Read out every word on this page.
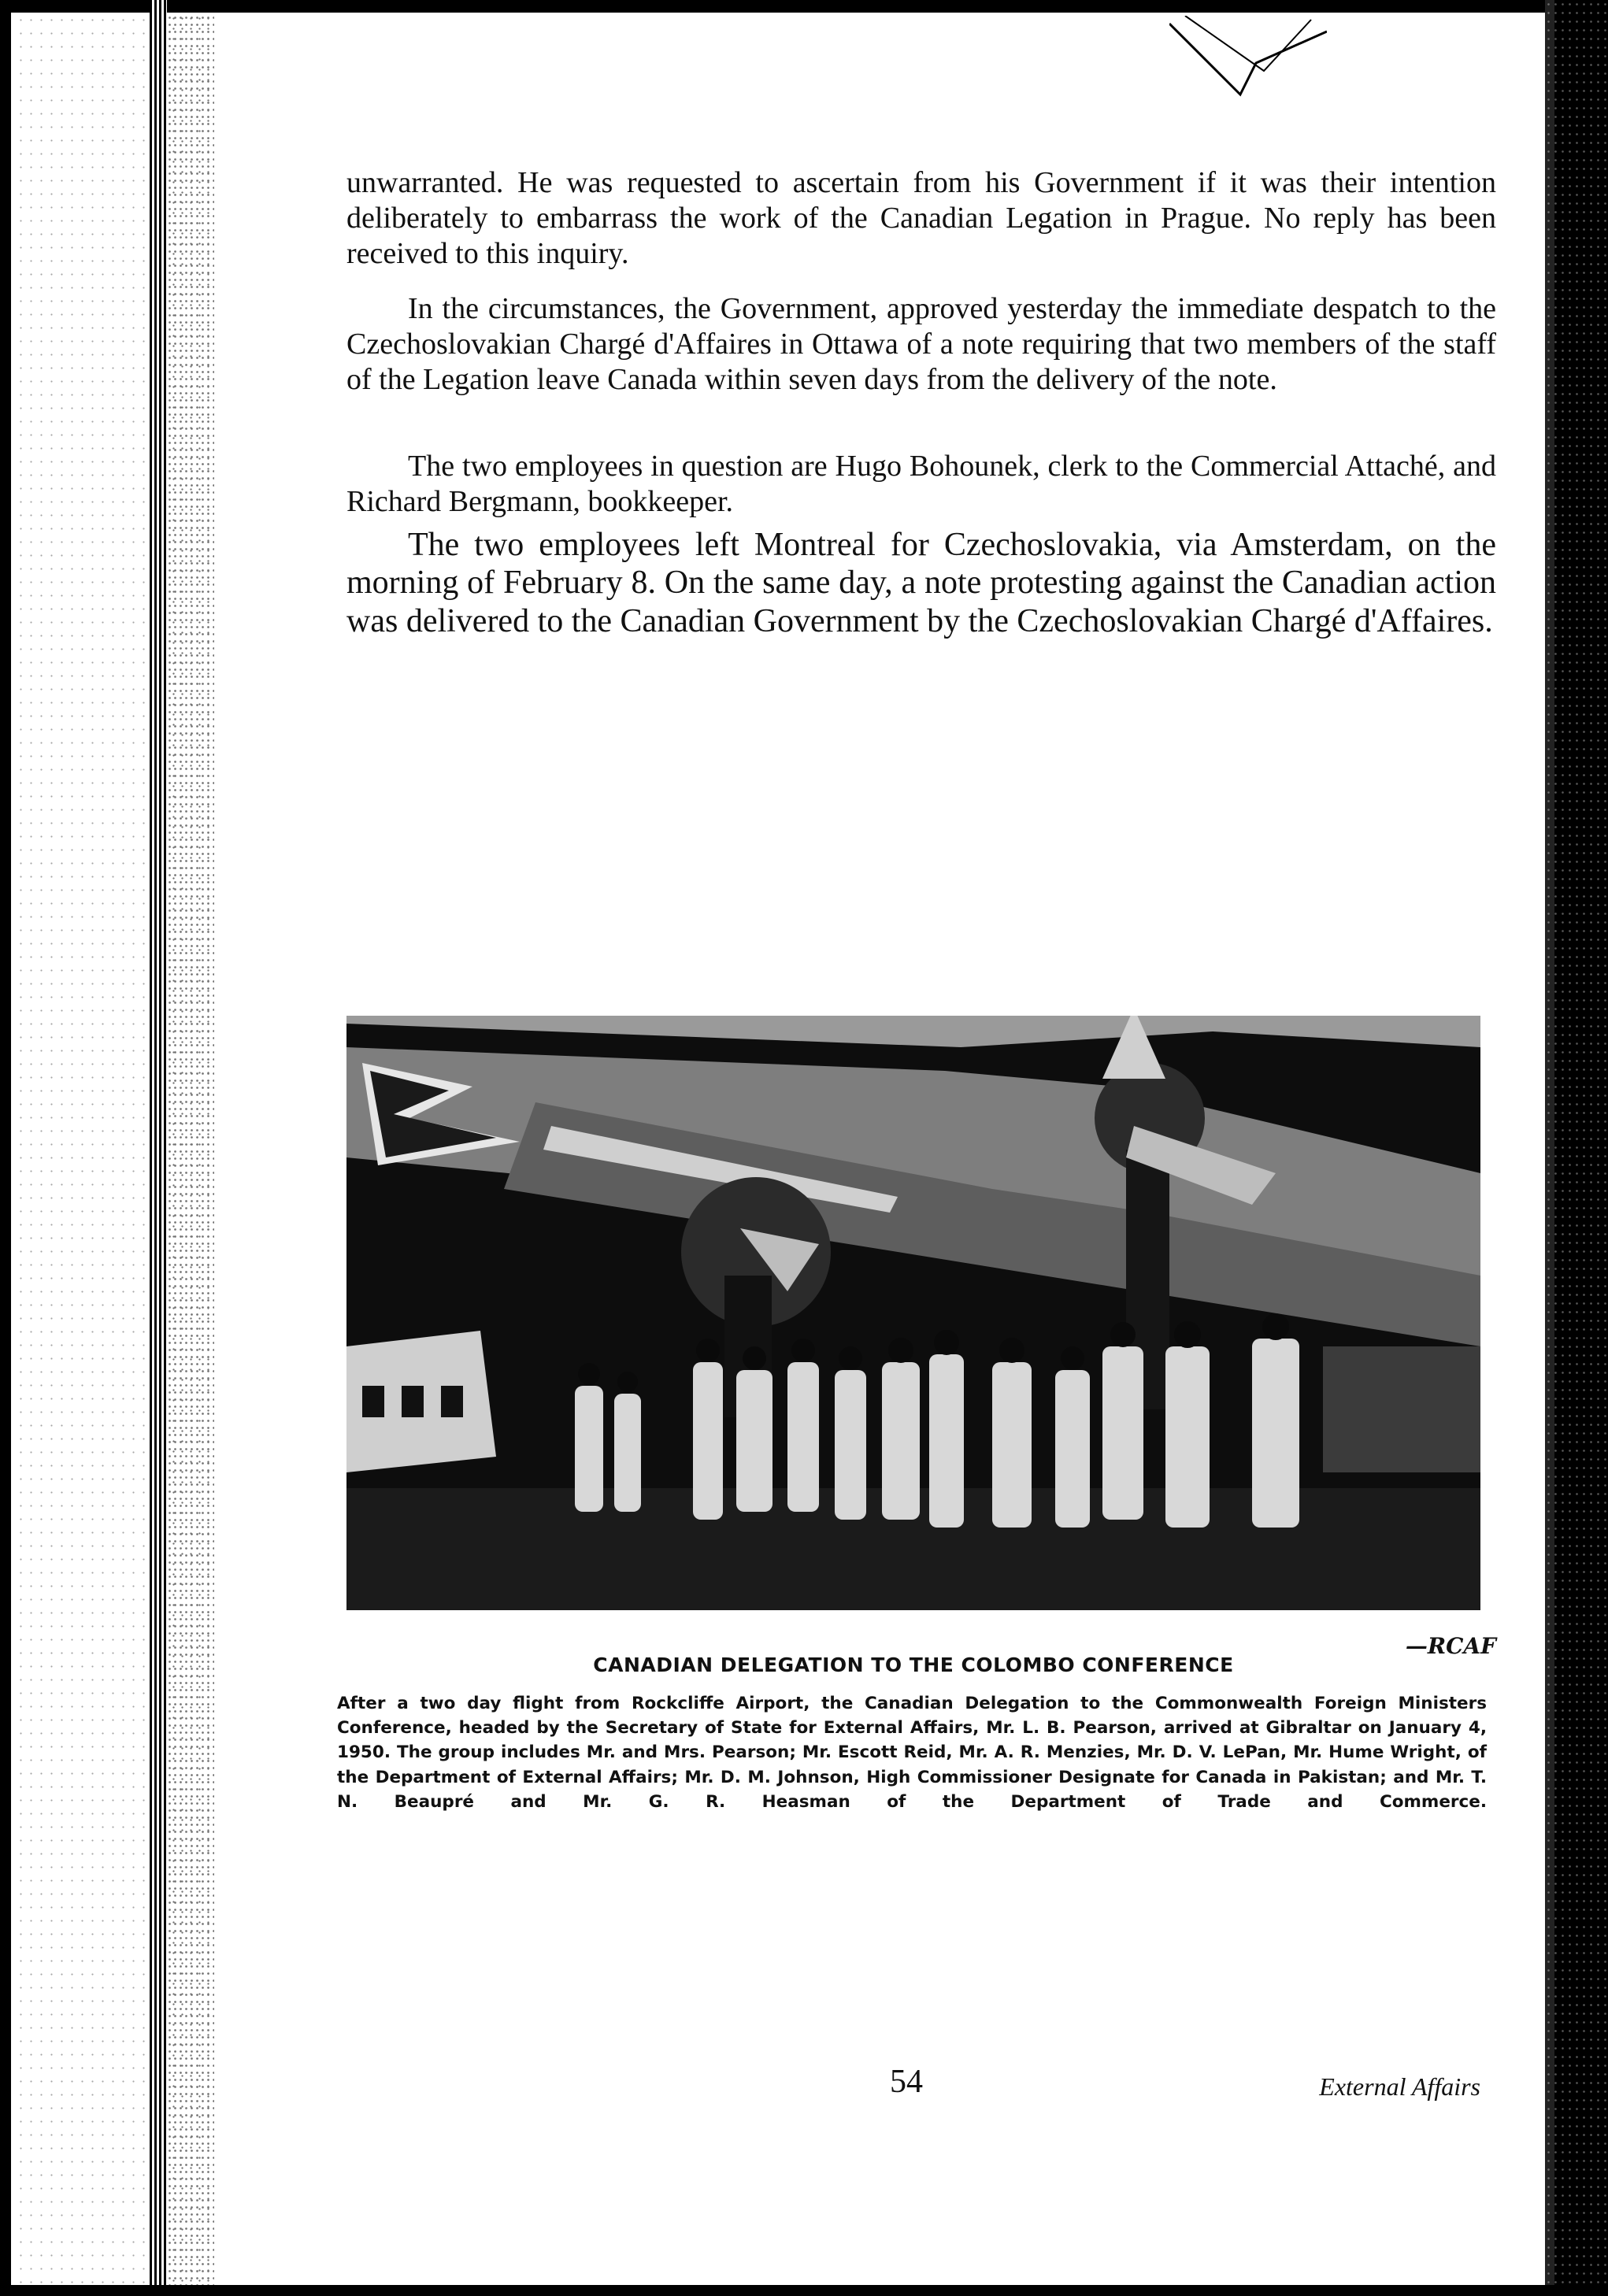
unwarranted. He was requested to ascertain from his Government if it was their intention deliberately to embarrass the work of the Canadian Legation in Prague. No reply has been received to this inquiry.
In the circumstances, the Government, approved yesterday the immediate despatch to the Czechoslovakian Chargé d'Affaires in Ottawa of a note requiring that two members of the staff of the Legation leave Canada within seven days from the delivery of the note.
The two employees in question are Hugo Bohounek, clerk to the Commercial Attaché, and Richard Bergmann, bookkeeper.
The two employees left Montreal for Czechoslovakia, via Amsterdam, on the morning of February 8. On the same day, a note protesting against the Canadian action was delivered to the Canadian Government by the Czechoslovakian Chargé d'Affaires.
—RCAF
CANADIAN DELEGATION TO THE COLOMBO CONFERENCE
After a two day flight from Rockcliffe Airport, the Canadian Delegation to the Commonwealth Foreign Ministers Conference, headed by the Secretary of State for External Affairs, Mr. L. B. Pearson, arrived at Gibraltar on January 4, 1950. The group includes Mr. and Mrs. Pearson; Mr. Escott Reid, Mr. A. R. Menzies, Mr. D. V. LePan, Mr. Hume Wright, of the Department of External Affairs; Mr. D. M. Johnson, High Commissioner Designate for Canada in Pakistan; and Mr. T. N. Beaupré and Mr. G. R. Heasman of the Department of Trade and Commerce.
54	External Affairs
